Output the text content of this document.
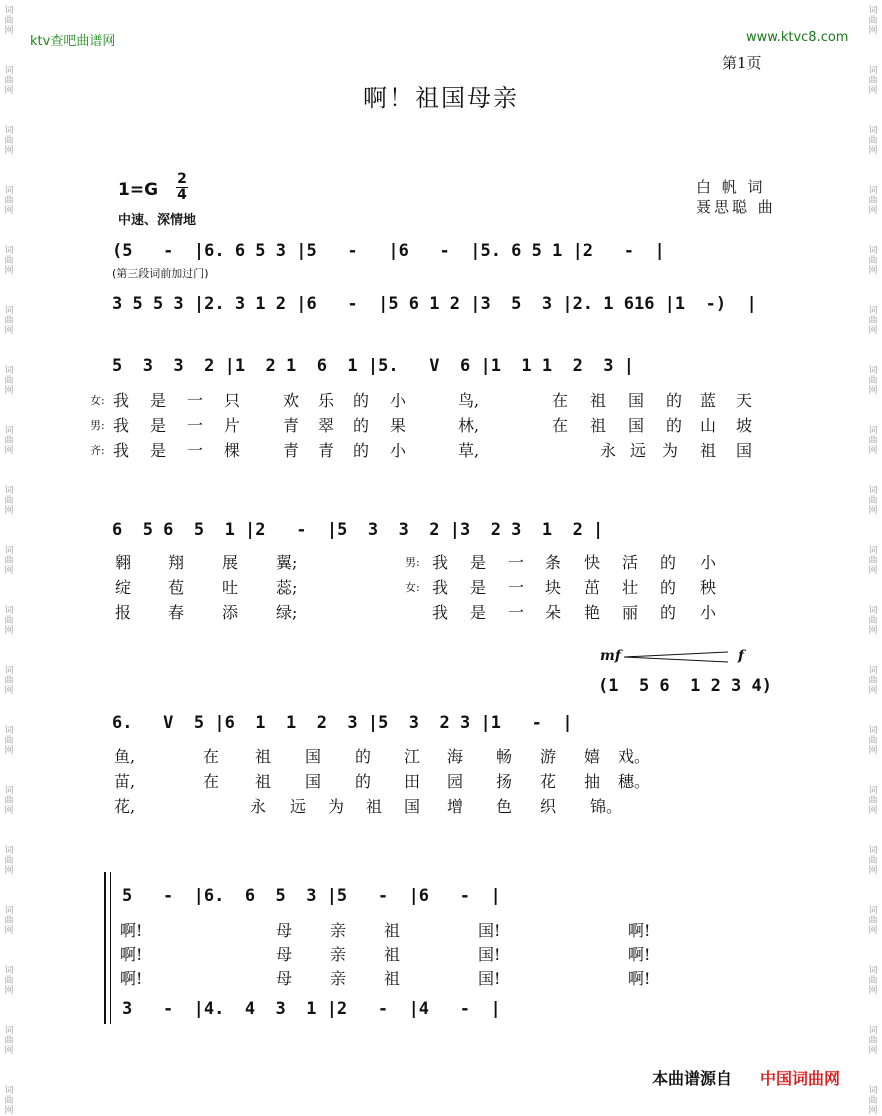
词
曲
网
词
曲
网
词
曲
网
词
曲
网
词
曲
网
词
曲
网
词
曲
网
词
曲
网
词
曲
网
词
曲
网
词
曲
网
词
曲
网
词
曲
网
词
曲
网
词
曲
网
词
曲
网
词
曲
网
词
曲
网
词
曲
网
词
曲
网
词
曲
网
词
曲
网
词
曲
网
词
曲
网
词
曲
网
词
曲
网
词
曲
网
词
曲
网
词
曲
网
词
曲
网
词
曲
网
词
曲
网
词
曲
网
词
曲
网
词
曲
网
词
曲
网
词
曲
网
词
曲
网
ktv查吧曲谱网	www.ktvc8.com
第1页
啊！祖国母亲
1=G
2
4
中速、深情地
白 帆 词
聂思聪 曲
(5   -  |6. 6 5 3 |5   -   |6   -  |5. 6 5 1 |2   -  |
(第三段词前加过门)
3 5 5 3 |2. 3 1 2 |6   -  |5 6 1 2 |3  5  3 |2. 1 616 |1  -)  |
5  3  3  2 |1  2 1  6  1 |5.   V  6 |1  1 1  2  3 |
女: 我 是 一 只	欢 乐 的 小	鸟,	在 祖 国 的 蓝 天
男: 我 是 一 片	青 翠 的 果	林,	在 祖 国 的 山 坡
齐: 我 是 一 棵	青 青 的 小	草,	永 远 为 祖 国
6  5 6  5  1 |2   -  |5  3  3  2 |3  2 3  1  2 |
翱 翔 展 翼;	男: 我 是 一 条 快 活 的 小
绽 苞 吐 蕊;	女: 我 是 一 块 茁 壮 的 秧
报 春 添 绿;	我 是 一 朵 艳 丽 的 小
mf	f
(1  5 6  1 2 3 4)
6.   V  5 |6  1  1  2  3 |5  3  2 3 |1   -  |
鱼,	在 祖 国 的 江 海 畅 游 嬉 戏。
苗,	在 祖 国 的 田 园 扬 花 抽 穗。
花,	永 远 为 祖 国 增 色 织 锦。
5   -  |6.  6  5  3 |5   -  |6   -  |
啊!	母 亲 祖	国!	啊!
啊!	母 亲 祖	国!	啊!
啊!	母 亲 祖	国!	啊!
3   -  |4.  4  3  1 |2   -  |4   -  |
本曲谱源自 中国词曲网
